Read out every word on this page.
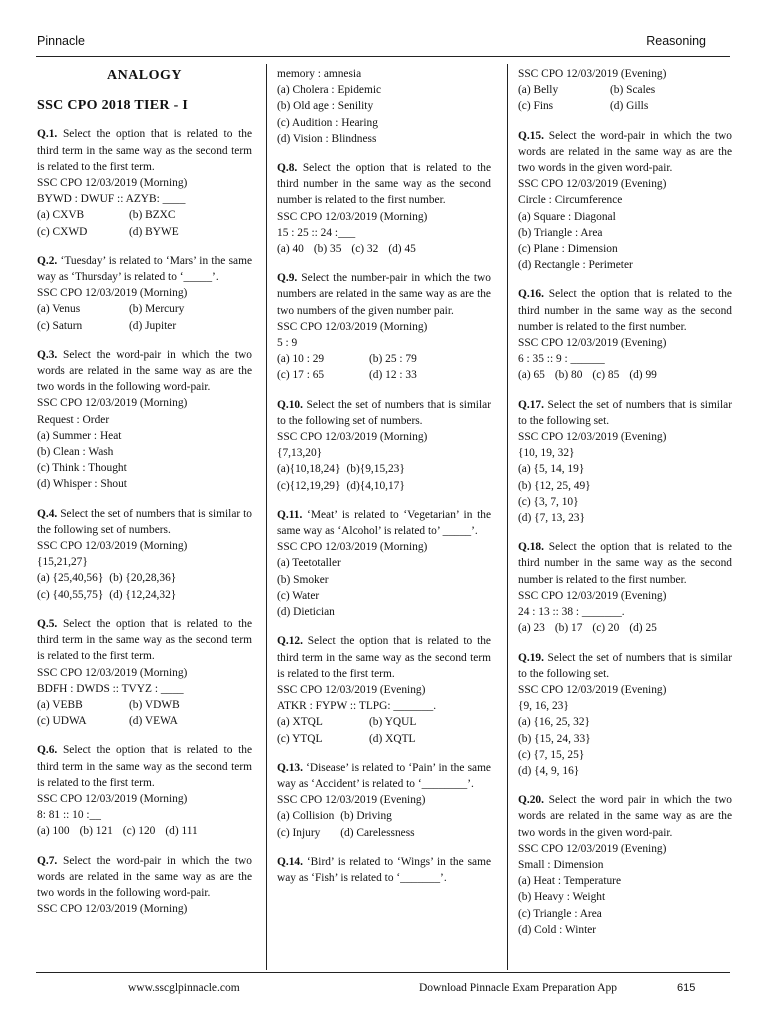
Pinnacle	Reasoning
ANALOGY
SSC CPO 2018 TIER - I
Q.1. Select the option that is related to the third term in the same way as the second term is related to the first term.
SSC CPO 12/03/2019 (Morning)
BYWD : DWUF :: AZYB: ____
(a) CXVB	(b) BZXC
(c) CXWD	(d) BYWE
Q.2. ‘Tuesday’ is related to ‘Mars’ in the same way as ‘Thursday’ is related to ‘_____’.
SSC CPO 12/03/2019 (Morning)
(a) Venus	(b) Mercury
(c) Saturn	(d) Jupiter
Q.3. Select the word-pair in which the two words are related in the same way as are the two words in the following word-pair.
SSC CPO 12/03/2019 (Morning)
Request : Order
(a) Summer : Heat
(b) Clean : Wash
(c) Think : Thought
(d) Whisper : Shout
Q.4. Select the set of numbers that is similar to the following set of numbers.
SSC CPO 12/03/2019 (Morning)
{15,21,27}
(a) {25,40,56} (b) {20,28,36}
(c) {40,55,75} (d) {12,24,32}
Q.5. Select the option that is related to the third term in the same way as the second term is related to the first term.
SSC CPO 12/03/2019 (Morning)
BDFH : DWDS :: TVYZ : ____
(a) VEBB	(b) VDWB
(c) UDWA	(d) VEWA
Q.6. Select the option that is related to the third term in the same way as the second term is related to the first term.
SSC CPO 12/03/2019 (Morning)
8: 81 :: 10 :__
(a) 100 (b) 121 (c) 120 (d) 111
Q.7. Select the word-pair in which the two words are related in the same way as are the two words in the following word-pair.
SSC CPO 12/03/2019 (Morning)
memory : amnesia
(a) Cholera : Epidemic
(b) Old age : Senility
(c) Audition : Hearing
(d) Vision : Blindness
Q.8. Select the option that is related to the third number in the same way as the second number is related to the first number.
SSC CPO 12/03/2019 (Morning)
15 : 25 :: 24 :___
(a) 40 (b) 35 (c) 32 (d) 45
Q.9. Select the number-pair in which the two numbers are related in the same way as are the two numbers of the given number pair.
SSC CPO 12/03/2019 (Morning)
5 : 9
(a) 10 : 29	(b) 25 : 79
(c) 17 : 65	(d) 12 : 33
Q.10. Select the set of numbers that is similar to the following set of numbers.
SSC CPO 12/03/2019 (Morning)
{7,13,20}
(a){10,18,24} (b){9,15,23}
(c){12,19,29} (d){4,10,17}
Q.11. ‘Meat’ is related to ‘Vegetarian’ in the same way as ‘Alcohol’ is related to’ _____’.
SSC CPO 12/03/2019 (Morning)
(a) Teetotaller
(b) Smoker
(c) Water
(d) Dietician
Q.12. Select the option that is related to the third term in the same way as the second term is related to the first term.
SSC CPO 12/03/2019 (Evening)
ATKR : FYPW :: TLPG: _______.
(a) XTQL	(b) YQUL
(c) YTQL	(d) XQTL
Q.13. ‘Disease’ is related to ‘Pain’ in the same way as ‘Accident’ is related to ‘________’.
SSC CPO 12/03/2019 (Evening)
(a) Collision (b) Driving
(c) Injury	(d) Carelessness
Q.14. ‘Bird’ is related to ‘Wings’ in the same way as ‘Fish’ is related to ‘_______’.
SSC CPO 12/03/2019 (Evening)
(a) Belly	(b) Scales
(c) Fins	(d) Gills
Q.15. Select the word-pair in which the two words are related in the same way as are the two words in the given word-pair.
SSC CPO 12/03/2019 (Evening)
Circle : Circumference
(a) Square : Diagonal
(b) Triangle : Area
(c) Plane : Dimension
(d) Rectangle : Perimeter
Q.16. Select the option that is related to the third number in the same way as the second number is related to the first number.
SSC CPO 12/03/2019 (Evening)
6 : 35 :: 9 : ______
(a) 65 (b) 80 (c) 85 (d) 99
Q.17. Select the set of numbers that is similar to the following set.
SSC CPO 12/03/2019 (Evening)
{10, 19, 32}
(a) {5, 14, 19}
(b) {12, 25, 49}
(c) {3, 7, 10}
(d) {7, 13, 23}
Q.18. Select the option that is related to the third number in the same way as the second number is related to the first number.
SSC CPO 12/03/2019 (Evening)
24 : 13 :: 38 : _______.
(a) 23 (b) 17 (c) 20 (d) 25
Q.19. Select the set of numbers that is similar to the following set.
SSC CPO 12/03/2019 (Evening)
{9, 16, 23}
(a) {16, 25, 32}
(b) {15, 24, 33}
(c) {7, 15, 25}
(d) {4, 9, 16}
Q.20. Select the word pair in which the two words are related in the same way as are the two words in the given word-pair.
SSC CPO 12/03/2019 (Evening)
Small : Dimension
(a) Heat : Temperature
(b) Heavy : Weight
(c) Triangle : Area
(d) Cold : Winter
www.sscglpinnacle.com	Download Pinnacle Exam Preparation App	615
